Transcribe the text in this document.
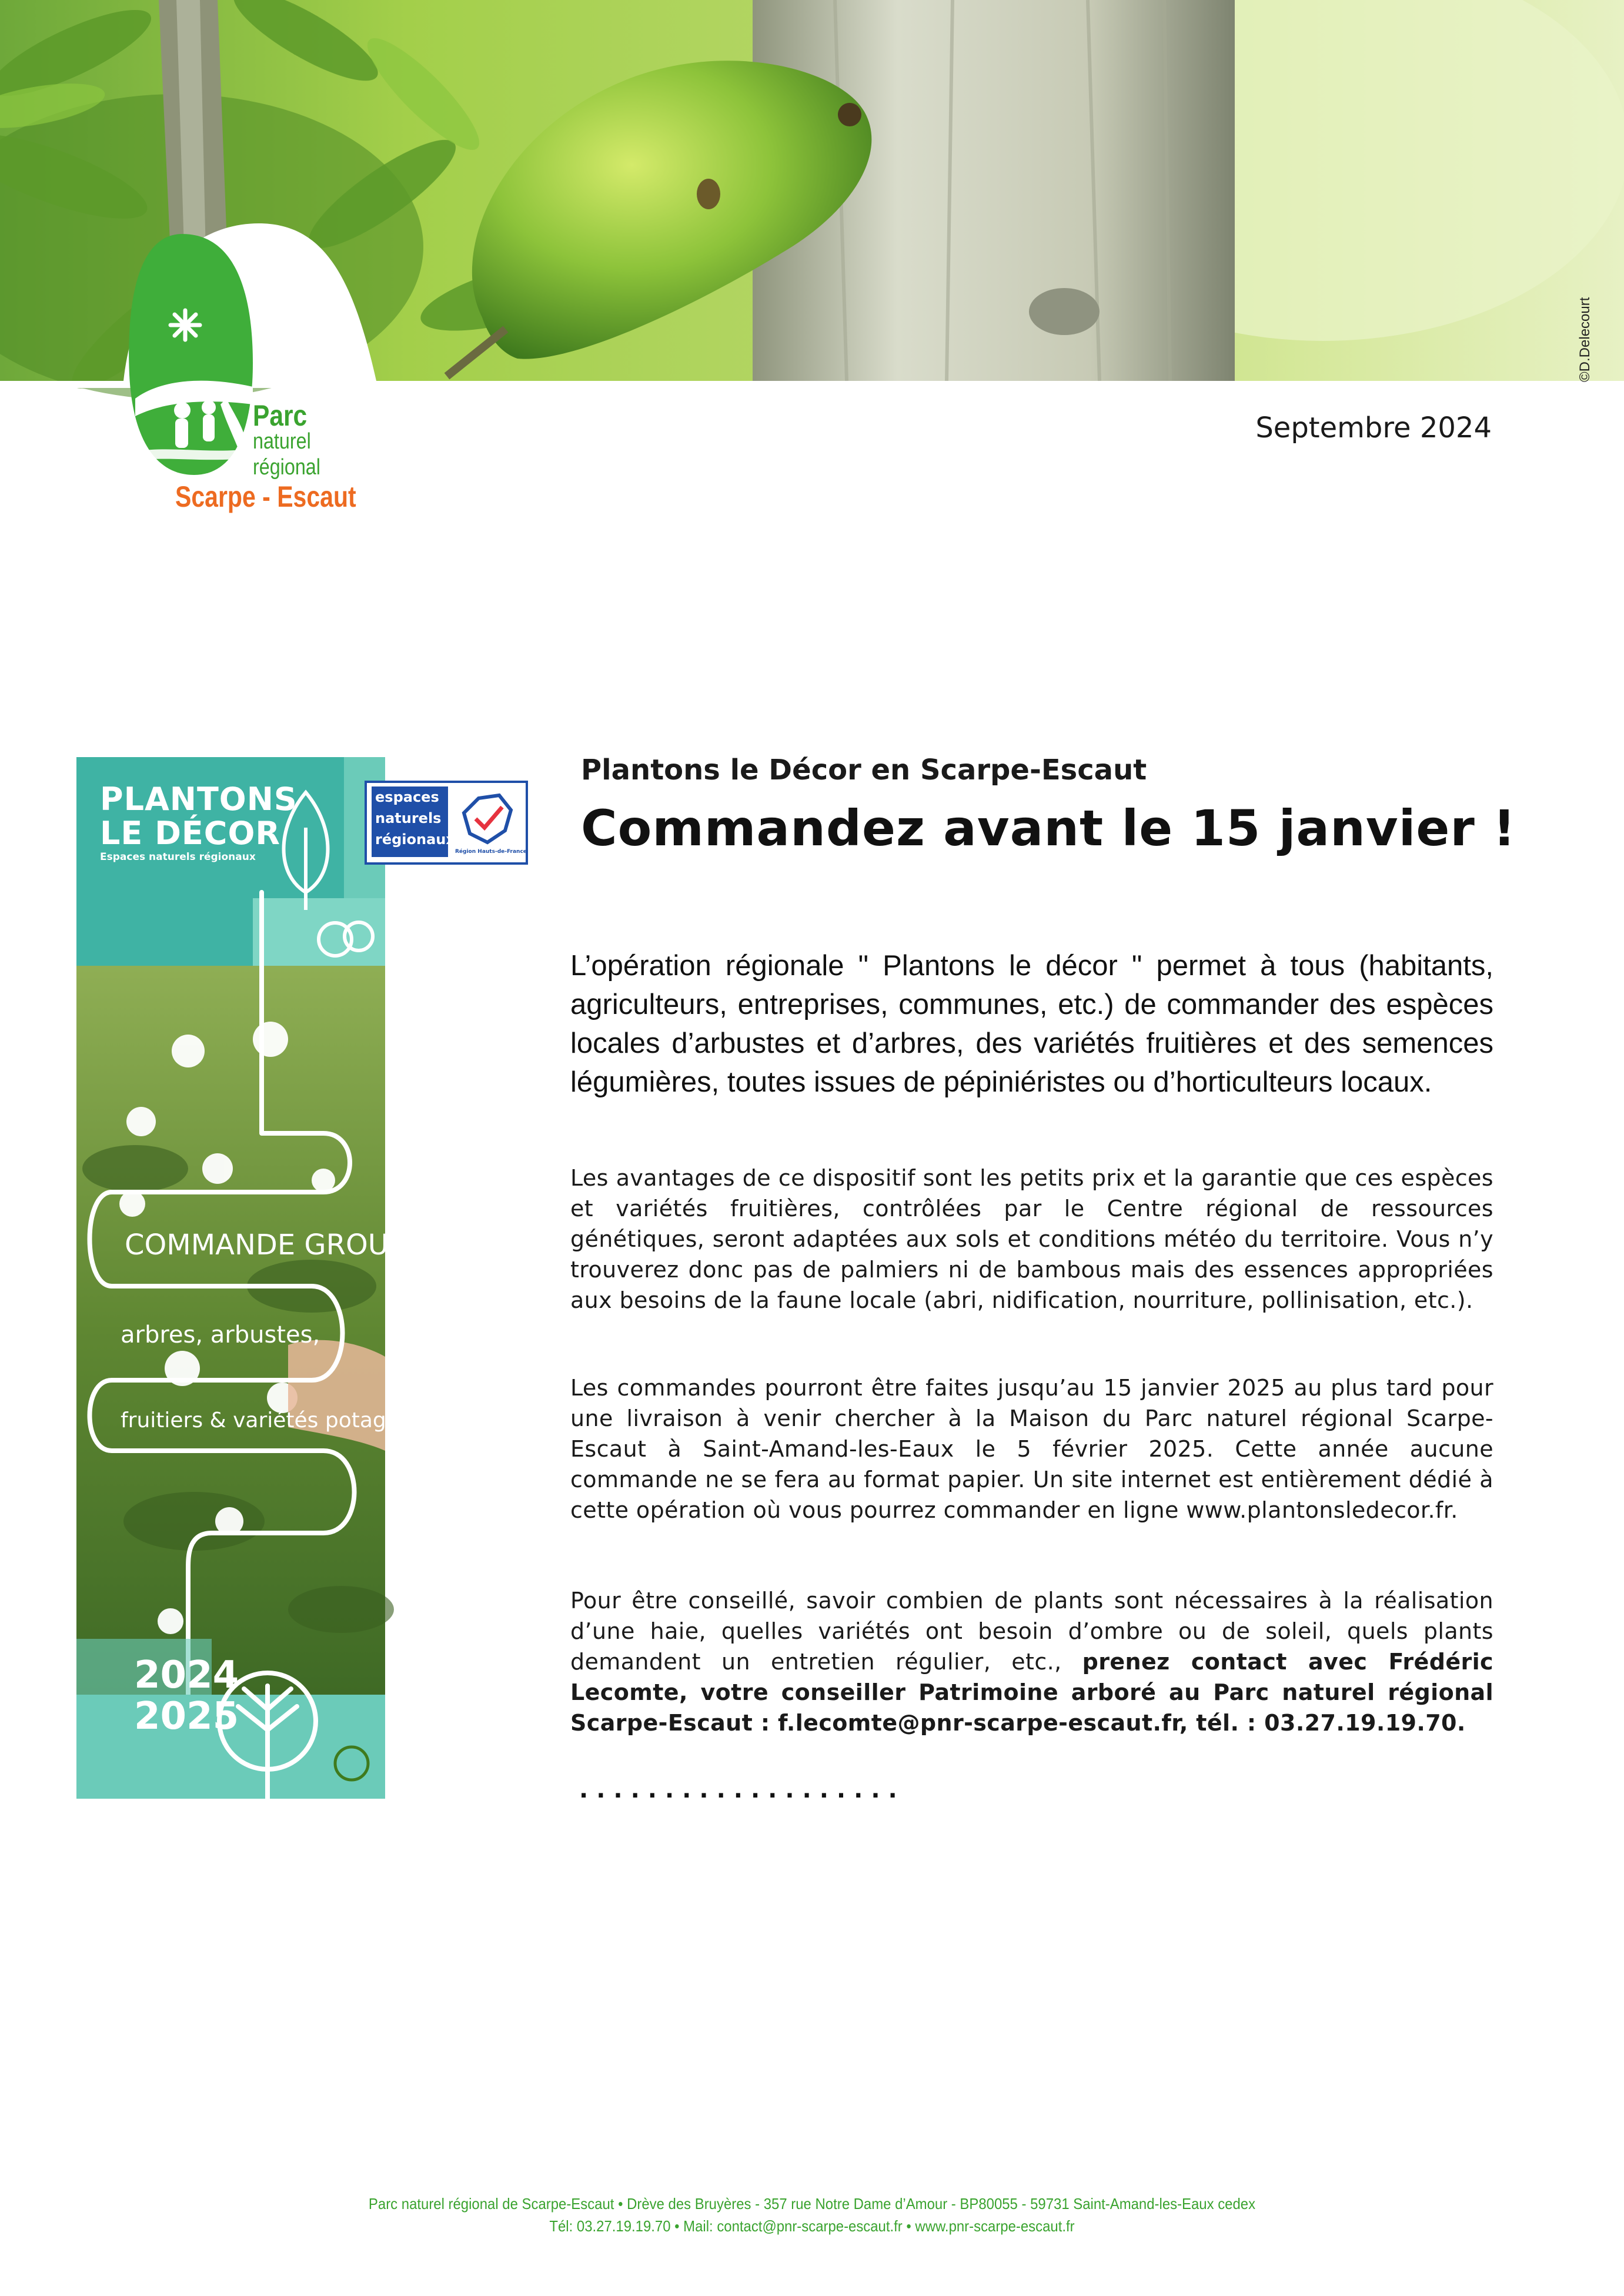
©D.Delecourt
Parc
naturel
régional
Scarpe - Escaut
Septembre 2024
PLANTONS
LE DÉCOR
Espaces naturels régionaux
COMMANDE GROUPÉE
arbres, arbustes,
fruitiers & variétés potagères
2024
2025
espaces
naturels
régionaux
Région Hauts-de-France
Plantons le Décor en Scarpe-Escaut
Commandez avant le 15 janvier !
L’opération régionale " Plantons le décor " permet à tous (habitants, agriculteurs, entreprises, communes, etc.) de commander des espèces locales d’arbustes et d’arbres, des variétés fruitières et des semences légumières, toutes issues de pépiniéristes ou d’horticulteurs locaux.
Les avantages de ce dispositif sont les petits prix et la garantie que ces espèces et variétés fruitières, contrôlées par le Centre régional de ressources génétiques, seront adaptées aux sols et conditions météo du territoire. Vous n’y trouverez donc pas de palmiers ni de bambous mais des essences appropriées aux besoins de la faune locale (abri, nidification, nourriture, pollinisation, etc.).
Les commandes pourront être faites jusqu’au 15 janvier 2025 au plus tard pour une livraison à venir chercher à la Maison du Parc naturel régional Scarpe-Escaut à Saint-Amand-les-Eaux le 5 février 2025. Cette année aucune commande ne se fera au format papier. Un site internet est entièrement dédié à cette opération où vous pourrez commander en ligne www.plantonsledecor.fr.
Pour être conseillé, savoir combien de plants sont nécessaires à la réalisation d’une haie, quelles variétés ont besoin d’ombre ou de soleil, quels plants demandent un entretien régulier, etc., prenez contact avec Frédéric Lecomte, votre conseiller Patrimoine arboré au Parc naturel régional Scarpe-Escaut : f.lecomte@pnr-scarpe-escaut.fr, tél. : 03.27.19.19.70.
...................
Parc naturel régional de Scarpe-Escaut • Drève des Bruyères - 357 rue Notre Dame d’Amour - BP80055 - 59731 Saint-Amand-les-Eaux cedex
Tél: 03.27.19.19.70 • Mail: contact@pnr-scarpe-escaut.fr • www.pnr-scarpe-escaut.fr
